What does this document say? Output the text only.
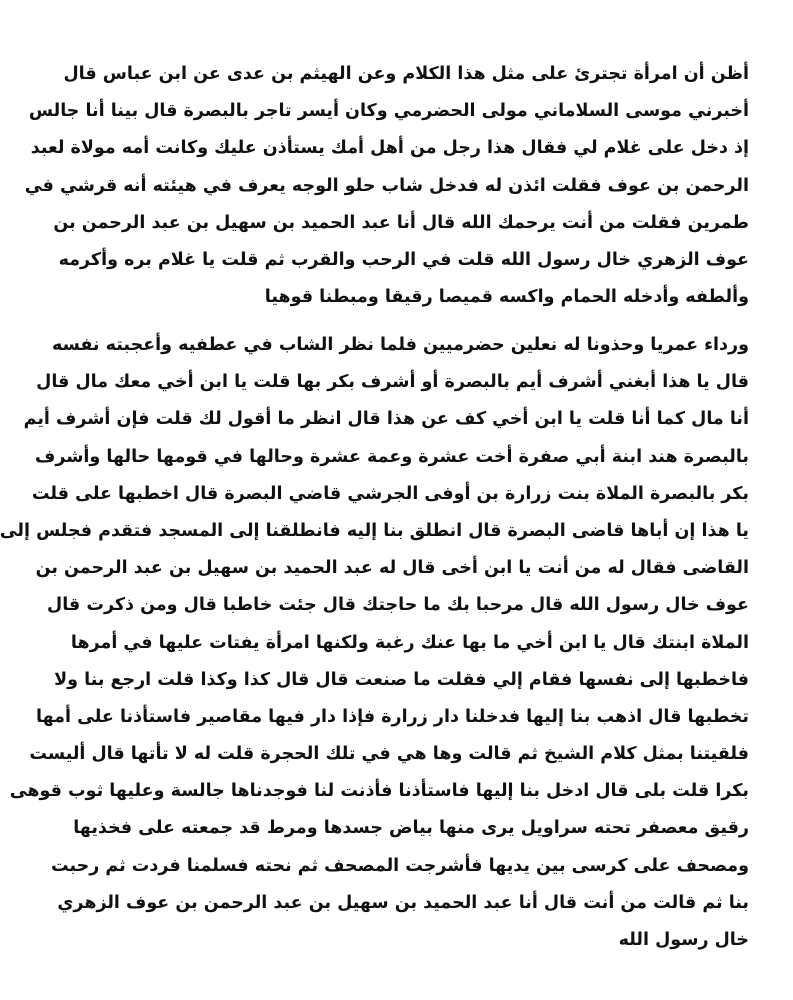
أظن أن امرأة تجترئ على مثل هذا الكلام وعن الهيثم بن عدى عن ابن عباس قال
أخبرني موسى السلاماني مولى الحضرمي وكان أيسر تاجر بالبصرة قال بينا أنا جالس
إذ دخل على غلام لي فقال هذا رجل من أهل أمك يستأذن عليك وكانت أمه مولاة لعبد
الرحمن بن عوف فقلت ائذن له فدخل شاب حلو الوجه يعرف في هيئته أنه قرشي في
طمرين فقلت من أنت يرحمك الله قال أنا عبد الحميد بن سهيل بن عبد الرحمن بن
عوف الزهري خال رسول الله قلت في الرحب والقرب ثم قلت يا غلام بره وأكرمه
وألطفه وأدخله الحمام واكسه قميصا رقيقا ومبطنا قوهيا
ورداء عمريا وحذونا له نعلين حضرميين فلما نظر الشاب في عطفيه وأعجبته نفسه
قال يا هذا أبغني أشرف أيم بالبصرة أو أشرف بكر بها قلت يا ابن أخي معك مال قال
أنا مال كما أنا قلت يا ابن أخي كف عن هذا قال انظر ما أقول لك قلت فإن أشرف أيم
بالبصرة هند ابنة أبي صفرة أخت عشرة وعمة عشرة وحالها في قومها حالها وأشرف
بكر بالبصرة الملاة بنت زرارة بن أوفى الجرشي قاضي البصرة قال اخطبها على قلت
يا هذا إن أباها قاضى البصرة قال انطلق بنا إليه فانطلقنا إلى المسجد فتقدم فجلس إلى
القاضى فقال له من أنت يا ابن أخى قال له عبد الحميد بن سهيل بن عبد الرحمن بن
عوف خال رسول الله قال مرحبا بك ما حاجتك قال جئت خاطبا قال ومن ذكرت قال
الملاة ابنتك قال يا ابن أخي ما بها عنك رغبة ولكنها امرأة يفتات عليها في أمرها
فاخطبها إلى نفسها فقام إلي فقلت ما صنعت قال قال كذا وكذا قلت ارجع بنا ولا
تخطبها قال اذهب بنا إليها فدخلنا دار زرارة فإذا دار فيها مقاصير فاستأذنا على أمها
فلقيتنا بمثل كلام الشيخ ثم قالت وها هي في تلك الحجرة قلت له لا تأتها قال أليست
بكرا قلت بلى قال ادخل بنا إليها فاستأذنا فأذنت لنا فوجدناها جالسة وعليها ثوب قوهى
رقيق معصفر تحته سراويل يرى منها بياض جسدها ومرط قد جمعته على فخذيها
ومصحف على كرسى بين يديها فأشرجت المصحف ثم نحته فسلمنا فردت ثم رحبت
بنا ثم قالت من أنت قال أنا عبد الحميد بن سهيل بن عبد الرحمن بن عوف الزهري
خال رسول الله
